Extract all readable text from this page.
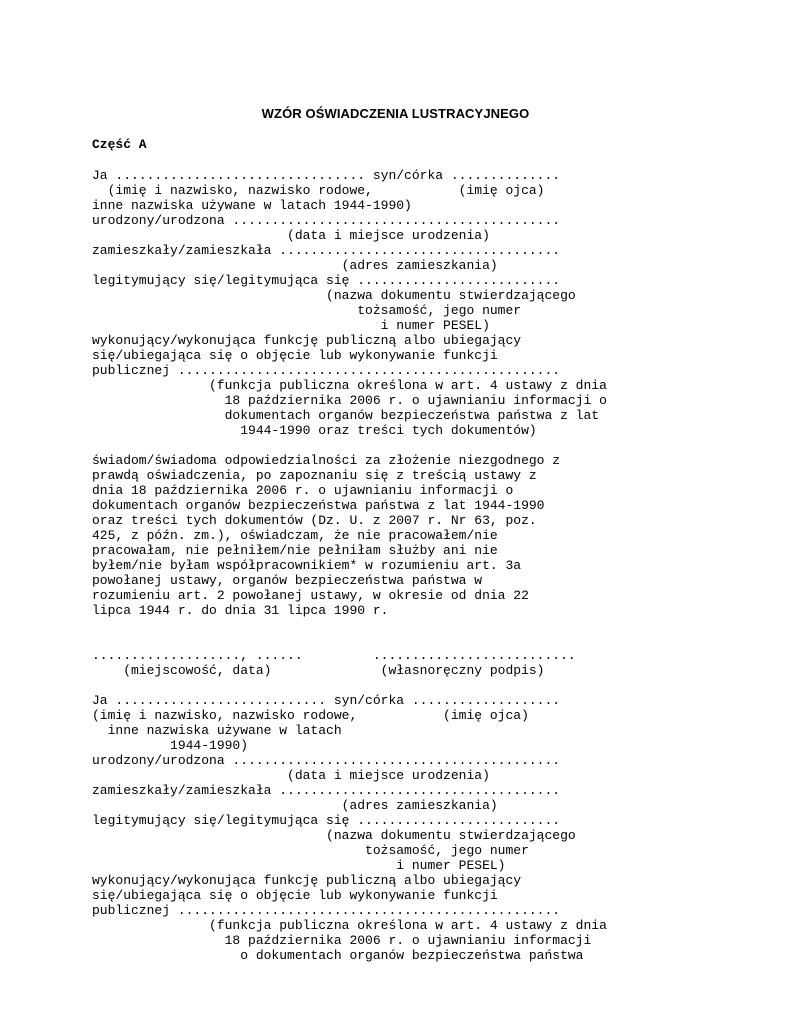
WZÓR OŚWIADCZENIA LUSTRACYJNEGO
Część A
Ja ................................ syn/córka ..............
(imię i nazwisko, nazwisko rodowe,           (imię ojca)
inne nazwiska używane w latach 1944-1990)
urodzony/urodzona ..........................................
(data i miejsce urodzenia)
zamieszkały/zamieszkała ....................................
(adres zamieszkania)
legitymujący się/legitymująca się ..........................
(nazwa dokumentu stwierdzającego
tożsamość, jego numer
i numer PESEL)
wykonujący/wykonująca funkcję publiczną albo ubiegający
się/ubiegająca się o objęcie lub wykonywanie funkcji
publicznej .................................................
(funkcja publiczna określona w art. 4 ustawy z dnia
18 października 2006 r. o ujawnianiu informacji o
dokumentach organów bezpieczeństwa państwa z lat
1944-1990 oraz treści tych dokumentów)
świadom/świadoma odpowiedzialności za złożenie niezgodnego z
prawdą oświadczenia, po zapoznaniu się z treścią ustawy z
dnia 18 października 2006 r. o ujawnianiu informacji o
dokumentach organów bezpieczeństwa państwa z lat 1944-1990
oraz treści tych dokumentów (Dz. U. z 2007 r. Nr 63, poz.
425, z późn. zm.), oświadczam, że nie pracowałem/nie
pracowałam, nie pełniłem/nie pełniłam służby ani nie
byłem/nie byłam współpracownikiem* w rozumieniu art. 3a
powołanej ustawy, organów bezpieczeństwa państwa w
rozumieniu art. 2 powołanej ustawy, w okresie od dnia 22
lipca 1944 r. do dnia 31 lipca 1990 r.
..................., ......         ..........................
(miejscowość, data)              (własnoręczny podpis)
Ja ........................... syn/córka ...................
(imię i nazwisko, nazwisko rodowe,           (imię ojca)
inne nazwiska używane w latach
1944-1990)
urodzony/urodzona ..........................................
(data i miejsce urodzenia)
zamieszkały/zamieszkała ....................................
(adres zamieszkania)
legitymujący się/legitymująca się ..........................
(nazwa dokumentu stwierdzającego
tożsamość, jego numer
i numer PESEL)
wykonujący/wykonująca funkcję publiczną albo ubiegający
się/ubiegająca się o objęcie lub wykonywanie funkcji
publicznej .................................................
(funkcja publiczna określona w art. 4 ustawy z dnia
18 października 2006 r. o ujawnianiu informacji
o dokumentach organów bezpieczeństwa państwa
